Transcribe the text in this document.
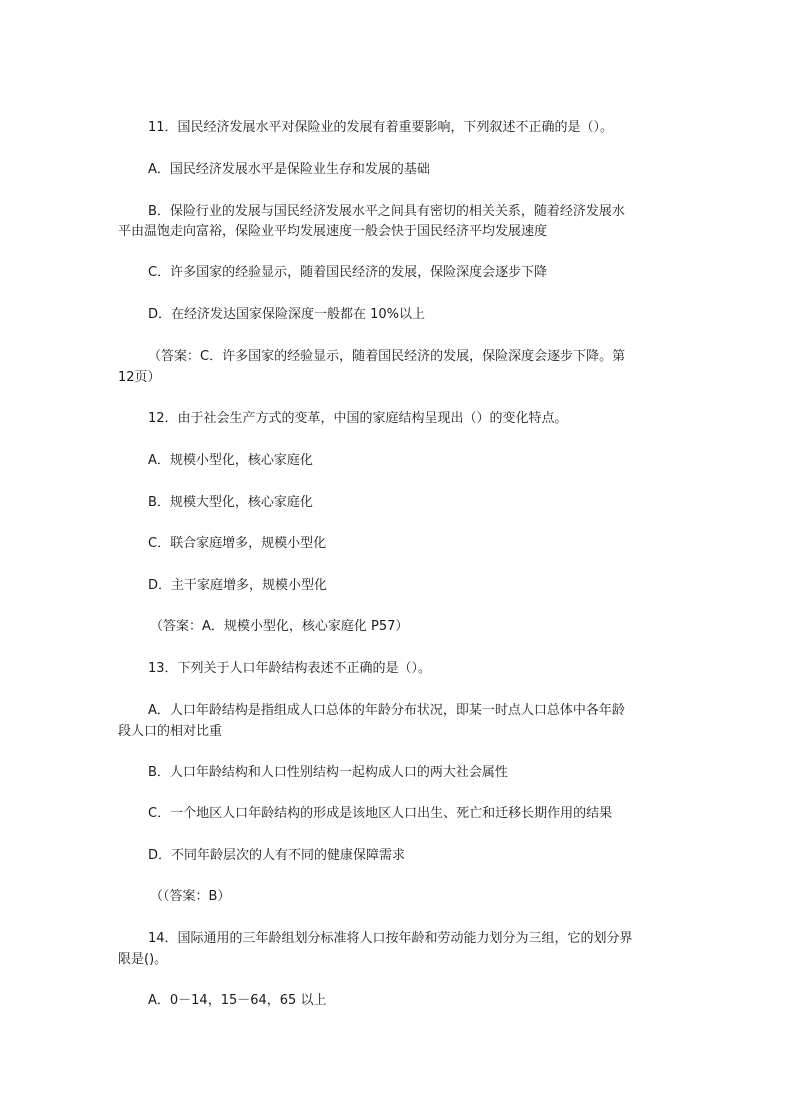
11．国民经济发展水平对保险业的发展有着重要影响，下列叙述不正确的是（）。
A．国民经济发展水平是保险业生存和发展的基础
B．保险行业的发展与国民经济发展水平之间具有密切的相关关系，随着经济发展水
平由温饱走向富裕，保险业平均发展速度一般会快于国民经济平均发展速度
C．许多国家的经验显示，随着国民经济的发展，保险深度会逐步下降
D．在经济发达国家保险深度一般都在 10%以上
（答案：C．许多国家的经验显示，随着国民经济的发展，保险深度会逐步下降。第
12页）
12．由于社会生产方式的变革，中国的家庭结构呈现出（）的变化特点。
A．规模小型化，核心家庭化
B．规模大型化，核心家庭化
C．联合家庭增多，规模小型化
D．主干家庭增多，规模小型化
（答案：A．规模小型化，核心家庭化 P57）
13．下列关于人口年龄结构表述不正确的是（）。
A．人口年龄结构是指组成人口总体的年龄分布状况，即某一时点人口总体中各年龄
段人口的相对比重
B．人口年龄结构和人口性别结构一起构成人口的两大社会属性
C．一个地区人口年龄结构的形成是该地区人口出生、死亡和迁移长期作用的结果
D．不同年龄层次的人有不同的健康保障需求
（（答案：B）
14．国际通用的三年龄组划分标准将人口按年龄和劳动能力划分为三组，它的划分界
限是()。
A．0－14，15－64，65 以上
